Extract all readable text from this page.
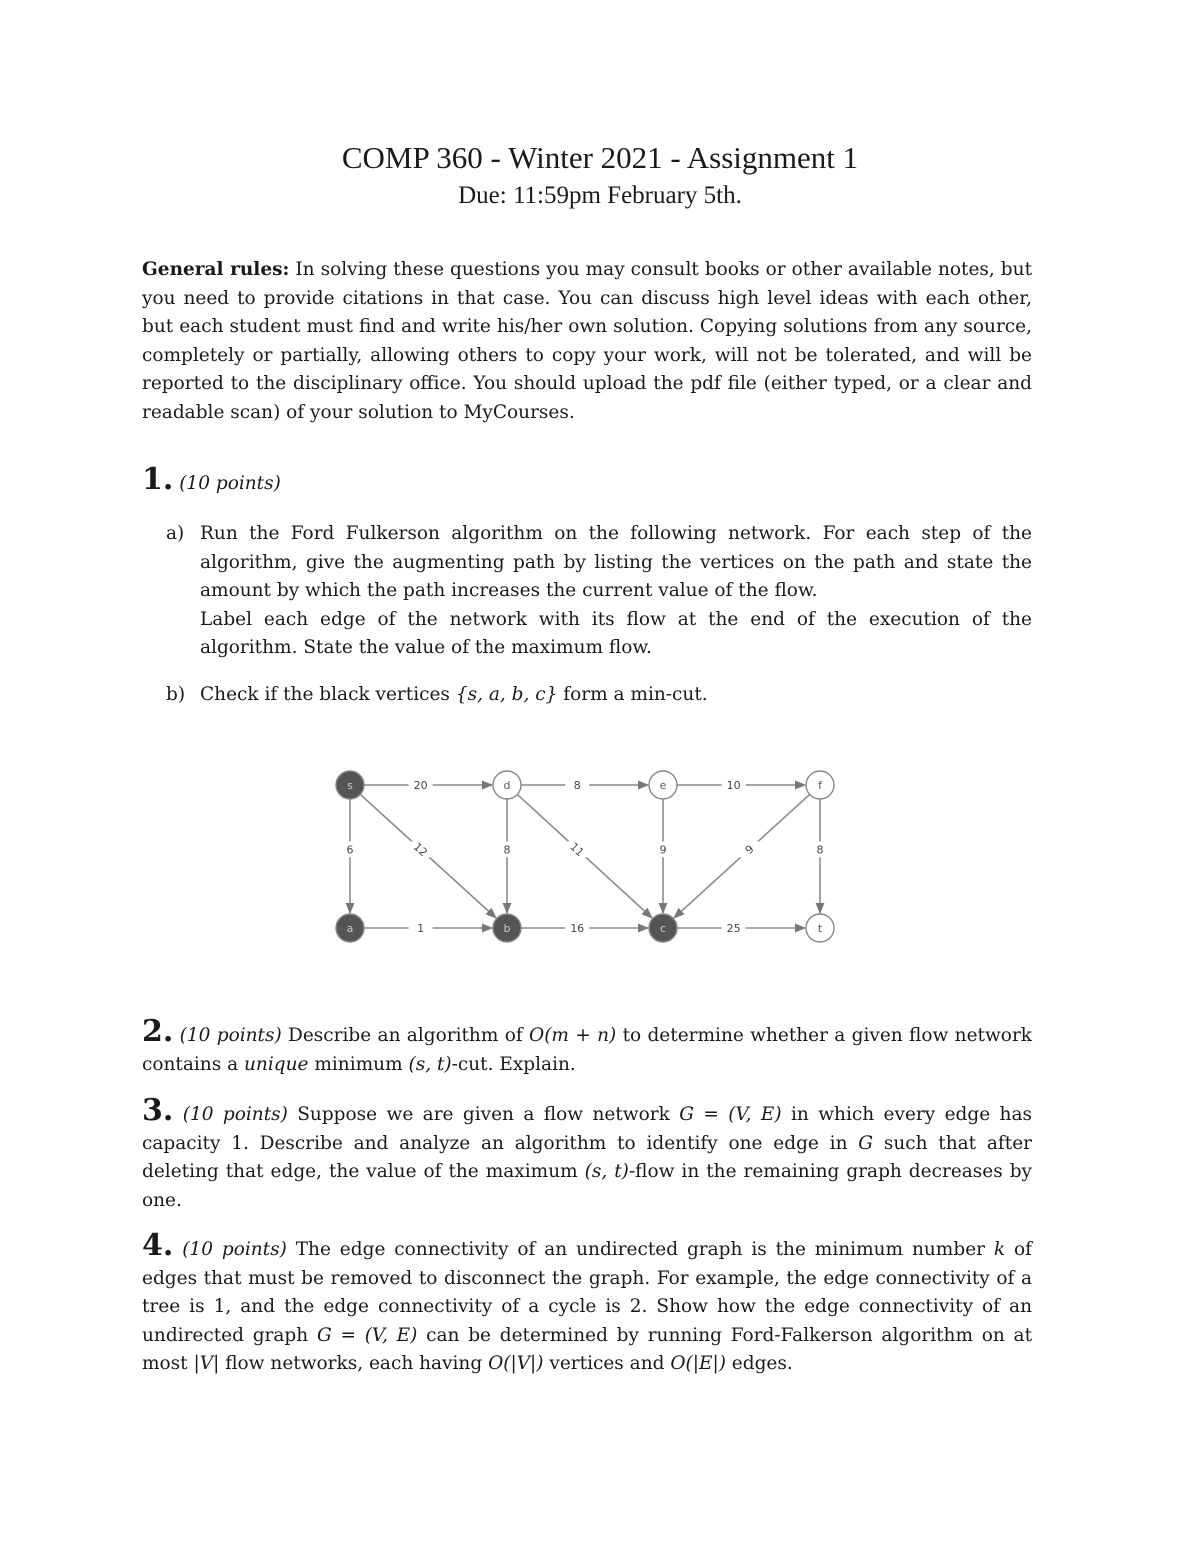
COMP 360 - Winter 2021 - Assignment 1
Due: 11:59pm February 5th.
General rules: In solving these questions you may consult books or other available notes, but you need to provide citations in that case. You can discuss high level ideas with each other, but each student must find and write his/her own solution. Copying solutions from any source, completely or partially, allowing others to copy your work, will not be tolerated, and will be reported to the disciplinary office. You should upload the pdf file (either typed, or a clear and readable scan) of your solution to MyCourses.
1. (10 points)
a) Run the Ford Fulkerson algorithm on the following network. For each step of the algorithm, give the augmenting path by listing the vertices on the path and state the amount by which the path increases the current value of the flow.
Label each edge of the network with its flow at the end of the execution of the algorithm. State the value of the maximum flow.
b) Check if the black vertices {s, a, b, c} form a min-cut.
20	8	10
6	12	8	11	9	6	8
1	16	25
s	d	e	f
a	b	c	t
2. (10 points) Describe an algorithm of O(m + n) to determine whether a given flow network contains a unique minimum (s, t)-cut. Explain.
3. (10 points) Suppose we are given a flow network G = (V, E) in which every edge has capacity 1. Describe and analyze an algorithm to identify one edge in G such that after deleting that edge, the value of the maximum (s, t)-flow in the remaining graph decreases by one.
4. (10 points) The edge connectivity of an undirected graph is the minimum number k of edges that must be removed to disconnect the graph. For example, the edge connectivity of a tree is 1, and the edge connectivity of a cycle is 2. Show how the edge connectivity of an undirected graph G = (V, E) can be determined by running Ford-Falkerson algorithm on at most |V| flow networks, each having O(|V|) vertices and O(|E|) edges.
